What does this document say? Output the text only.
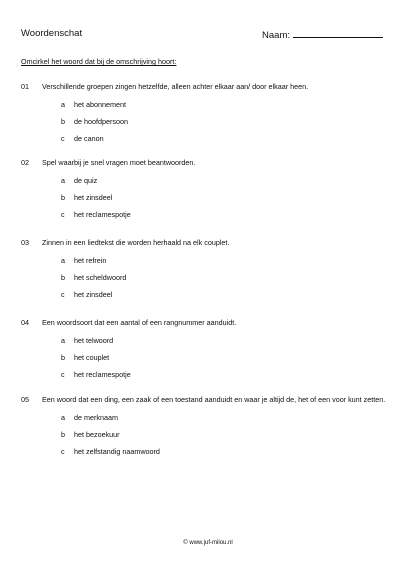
Woordenschat	Naam:
Omcirkel het woord dat bij de omschrijving hoort:
01 Verschillende groepen zingen hetzelfde, alleen achter elkaar aan/ door elkaar heen.
a het abonnement
b de hoofdpersoon
c de canon
02 Spel waarbij je snel vragen moet beantwoorden.
a de quiz
b het zinsdeel
c het reclamespotje
03 Zinnen in een liedtekst die worden herhaald na elk couplet.
a het refrein
b het scheldwoord
c het zinsdeel
04 Een woordsoort dat een aantal of een rangnummer aanduidt.
a het telwoord
b het couplet
c het reclamespotje
05 Een woord dat een ding, een zaak of een toestand aanduidt en waar je altijd de, het of een voor kunt zetten.
a de merknaam
b het bezoekuur
c het zelfstandig naamwoord
© www.juf-milou.nl
